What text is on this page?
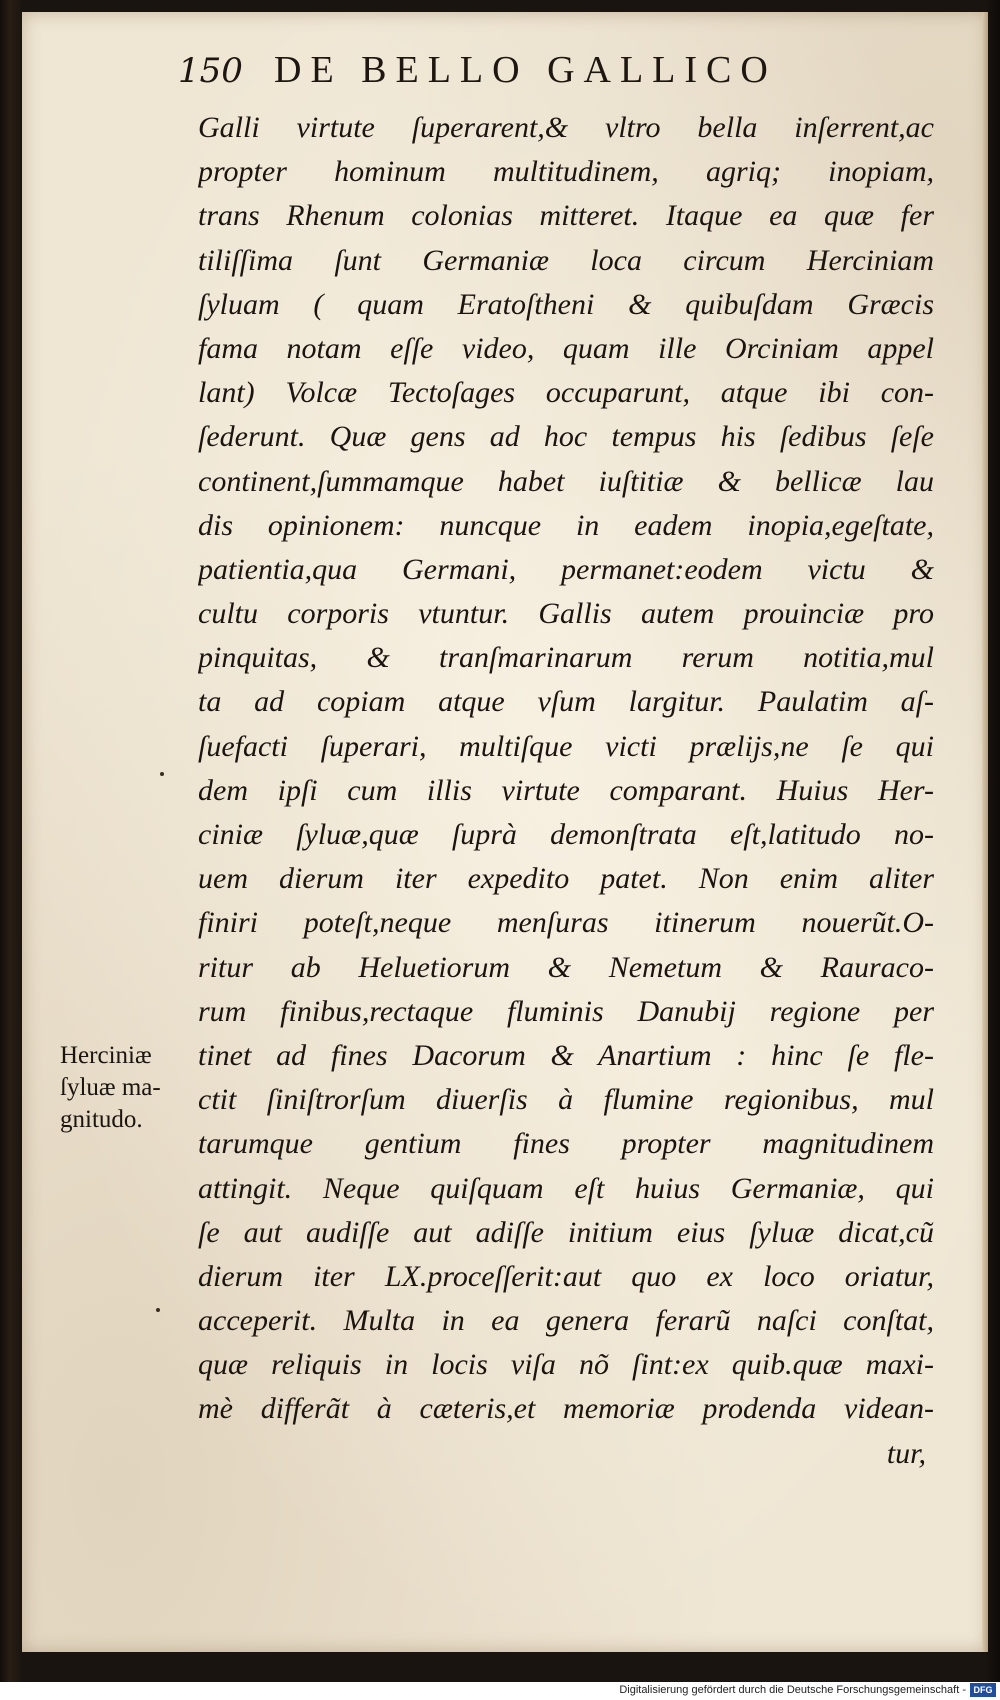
150 DE BELLO GALLICO
Galli virtute ſuperarent,& vltro bella inſerrent,ac
propter hominum multitudinem, agriq; inopiam,
trans Rhenum colonias mitteret. Itaque ea quæ fer
tiliſſima ſunt Germaniæ loca circum Herciniam
ſyluam ( quam Eratoſtheni & quibuſdam Græcis
fama notam eſſe video, quam ille Orciniam appel
lant) Volcæ Tectoſages occuparunt, atque ibi con-
ſederunt. Quæ gens ad hoc tempus his ſedibus ſeſe
continent,ſummamque habet iuſtitiæ & bellicæ lau
dis opinionem: nuncque in eadem inopia,egeſtate,
patientia,qua Germani, permanet:eodem victu &
cultu corporis vtuntur. Gallis autem prouinciæ pro
pinquitas, & tranſmarinarum rerum notitia,mul
ta ad copiam atque vſum largitur. Paulatim aſ-
ſuefacti ſuperari, multiſque victi prælijs,ne ſe qui
dem ipſi cum illis virtute comparant. Huius Her-
ciniæ ſyluæ,quæ ſuprà demonſtrata eſt,latitudo no-
uem dierum iter expedito patet. Non enim aliter
finiri poteſt,neque menſuras itinerum nouerũt.O-
ritur ab Heluetiorum & Nemetum & Rauraco-
rum finibus,rectaque fluminis Danubij regione per
tinet ad fines Dacorum & Anartium : hinc ſe fle-
ctit ſiniſtrorſum diuerſis à flumine regionibus, mul
tarumque gentium fines propter magnitudinem
attingit. Neque quiſquam eſt huius Germaniæ, qui
ſe aut audiſſe aut adiſſe initium eius ſyluæ dicat,cũ
dierum iter LX.proceſſerit:aut quo ex loco oriatur,
acceperit. Multa in ea genera ferarũ naſci conſtat,
quæ reliquis in locis viſa nõ ſint:ex quib.quæ maxi-
mè differãt à cæteris,et memoriæ prodenda videan-
tur,
Herciniæ
ſyluæ ma-
gnitudo.
Digitalisierung gefördert durch die Deutsche Forschungsgemeinschaft - DFG
